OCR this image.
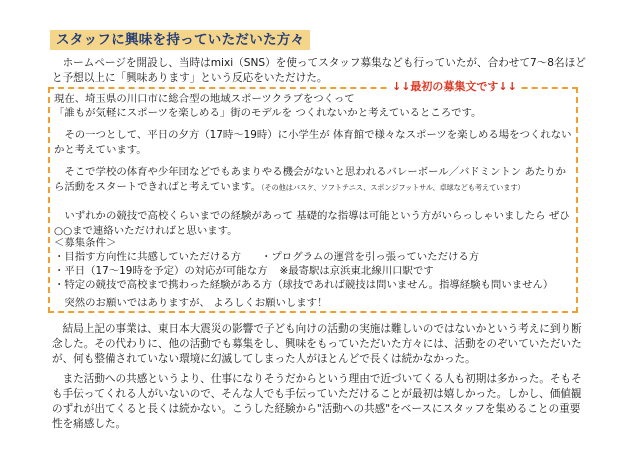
スタッフに興味を持っていただいた方々

ホームページを開設し、当時はmixi（SNS）を使ってスタッフ募集なども行っていたが、合わせて7～8名ほどと予想以上に「興味あります」という反応をいただけた。

↓↓最初の募集文です↓↓

現在、埼玉県の川口市に総合型の地域スポーツクラブをつくって

「誰もが気軽にスポーツを楽しめる」街のモデルを つくれないかと考えているところです。

その一つとして、平日の夕方（17時～19時）に小学生が 体育館で様々なスポーツを楽しめる場をつくれないかと考えています。

そこで学校の体育や少年団などでもあまりやる機会がないと思われるバレーボール／バドミントン あたりから活動をスタートできればと考えています。（その他はバスケ、ソフトテニス、スポンジフットサル、卓球なども考えています）

いずれかの競技で高校くらいまでの経験があって 基礎的な指導は可能という方がいらっしゃいましたら ぜひ○○まで連絡いただければと思います。

＜募集条件＞

・目指す方向性に共感していただける方 ・プログラムの運営を引っ張っていただける方

・平日（17～19時を予定）の対応が可能な方 ※最寄駅は京浜東北線川口駅です

・特定の競技で高校まで携わった経験がある方（球技であれば競技は問いません。指導経験も問いません）

突然のお願いではありますが、 よろしくお願いします！

結局上記の事業は、東日本大震災の影響で子ども向けの活動の実施は難しいのではないかという考えに到り断念した。その代わりに、他の活動でも募集をし、興味をもっていただいた方々には、活動をのぞいていただいたが、何も整備されていない環境に幻滅してしまった人がほとんどで長くは続かなかった。

また活動への共感というより、仕事になりそうだからという理由で近づいてくる人も初期は多かった。そもそも手伝ってくれる人がいないので、そんな人でも手伝っていただけることが最初は嬉しかった。しかし、価値観のずれが出てくると長くは続かない。こうした経験から"活動への共感"をベースにスタッフを集めることの重要性を痛感した。
